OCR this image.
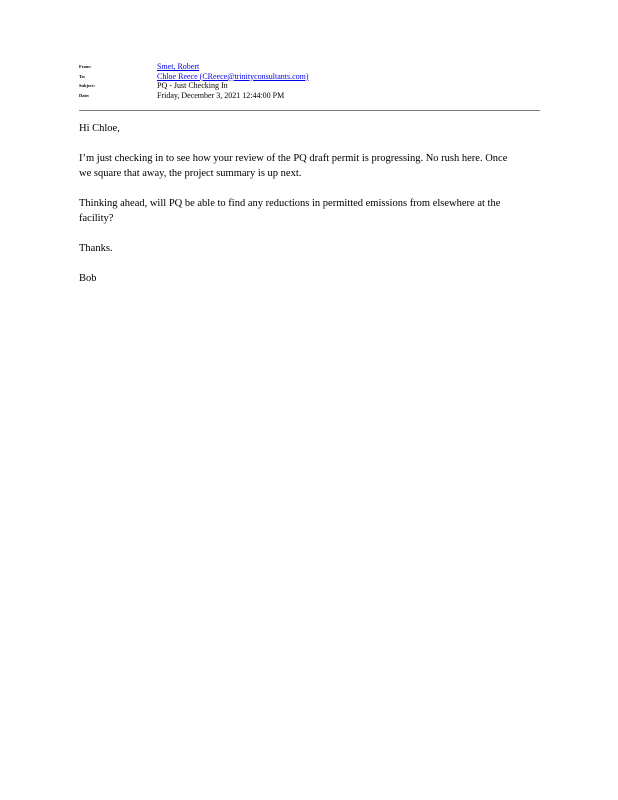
From:	Smet, Robert
To:	Chloe Reece (CReece@trinityconsultants.com)
Subject:	PQ - Just Checking In
Date:	Friday, December 3, 2021 12:44:00 PM

Hi Chloe,

I’m just checking in to see how your review of the PQ draft permit is progressing. No rush here. Once
we square that away, the project summary is up next.

Thinking ahead, will PQ be able to find any reductions in permitted emissions from elsewhere at the
facility?

Thanks.

Bob
